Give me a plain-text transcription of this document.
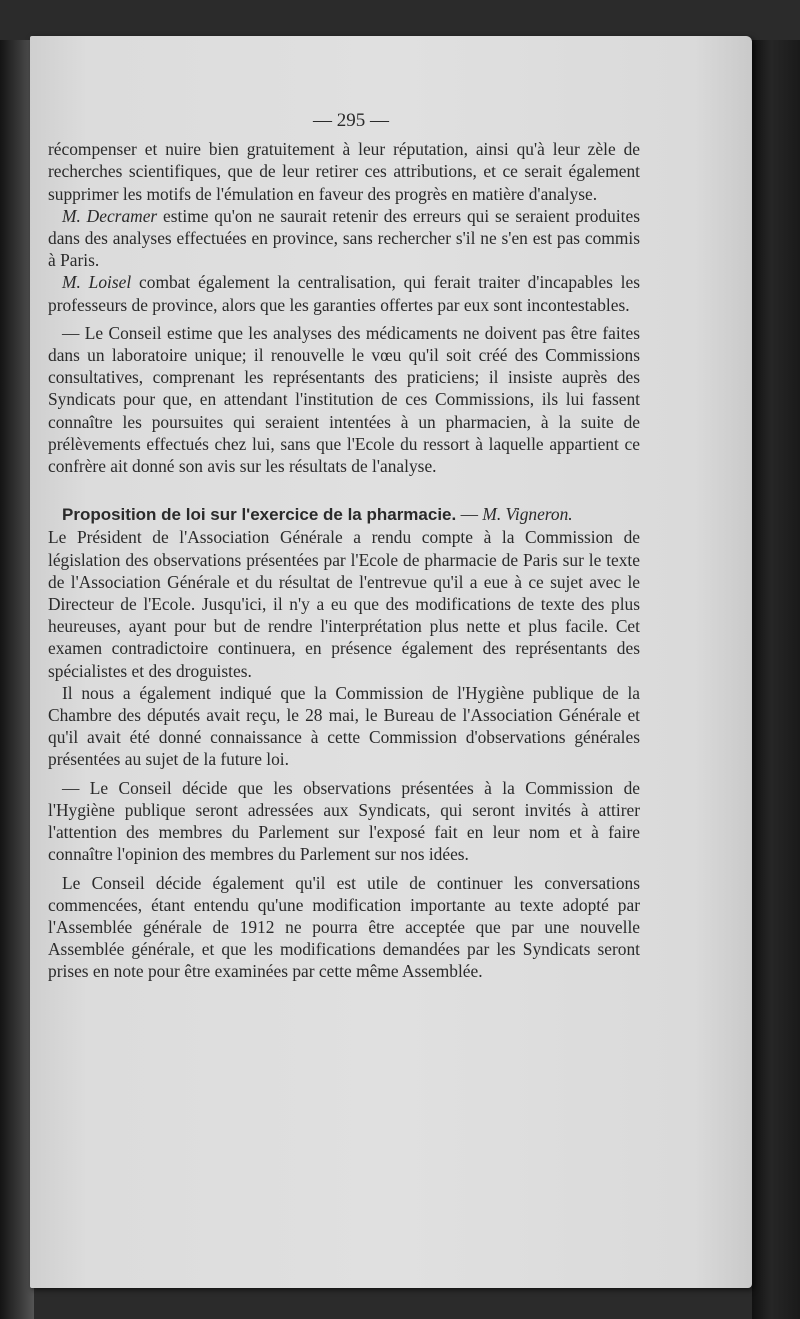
— 295 —

récompenser et nuire bien gratuitement à leur réputation, ainsi qu'à leur zèle de recherches scientifiques, que de leur retirer ces attributions, et ce serait également supprimer les motifs de l'émulation en faveur des progrès en matière d'analyse.

M. Decramer estime qu'on ne saurait retenir des erreurs qui se seraient produites dans des analyses effectuées en province, sans rechercher s'il ne s'en est pas commis à Paris.

M. Loisel combat également la centralisation, qui ferait traiter d'incapables les professeurs de province, alors que les garanties offertes par eux sont incontestables.

— Le Conseil estime que les analyses des médicaments ne doivent pas être faites dans un laboratoire unique; il renouvelle le vœu qu'il soit créé des Commissions consultatives, comprenant les représentants des praticiens; il insiste auprès des Syndicats pour que, en attendant l'institution de ces Commissions, ils lui fassent connaître les poursuites qui seraient intentées à un pharmacien, à la suite de prélèvements effectués chez lui, sans que l'Ecole du ressort à laquelle appartient ce confrère ait donné son avis sur les résultats de l'analyse.

Proposition de loi sur l'exercice de la pharmacie. — M. Vigneron.

Le Président de l'Association Générale a rendu compte à la Commission de législation des observations présentées par l'Ecole de pharmacie de Paris sur le texte de l'Association Générale et du résultat de l'entrevue qu'il a eue à ce sujet avec le Directeur de l'Ecole. Jusqu'ici, il n'y a eu que des modifications de texte des plus heureuses, ayant pour but de rendre l'interprétation plus nette et plus facile. Cet examen contradictoire continuera, en présence également des représentants des spécialistes et des droguistes.

Il nous a également indiqué que la Commission de l'Hygiène publique de la Chambre des députés avait reçu, le 28 mai, le Bureau de l'Association Générale et qu'il avait été donné connaissance à cette Commission d'observations générales présentées au sujet de la future loi.

— Le Conseil décide que les observations présentées à la Commission de l'Hygiène publique seront adressées aux Syndicats, qui seront invités à attirer l'attention des membres du Parlement sur l'exposé fait en leur nom et à faire connaître l'opinion des membres du Parlement sur nos idées.

Le Conseil décide également qu'il est utile de continuer les conversations commencées, étant entendu qu'une modification importante au texte adopté par l'Assemblée générale de 1912 ne pourra être acceptée que par une nouvelle Assemblée générale, et que les modifications demandées par les Syndicats seront prises en note pour être examinées par cette même Assemblée.
